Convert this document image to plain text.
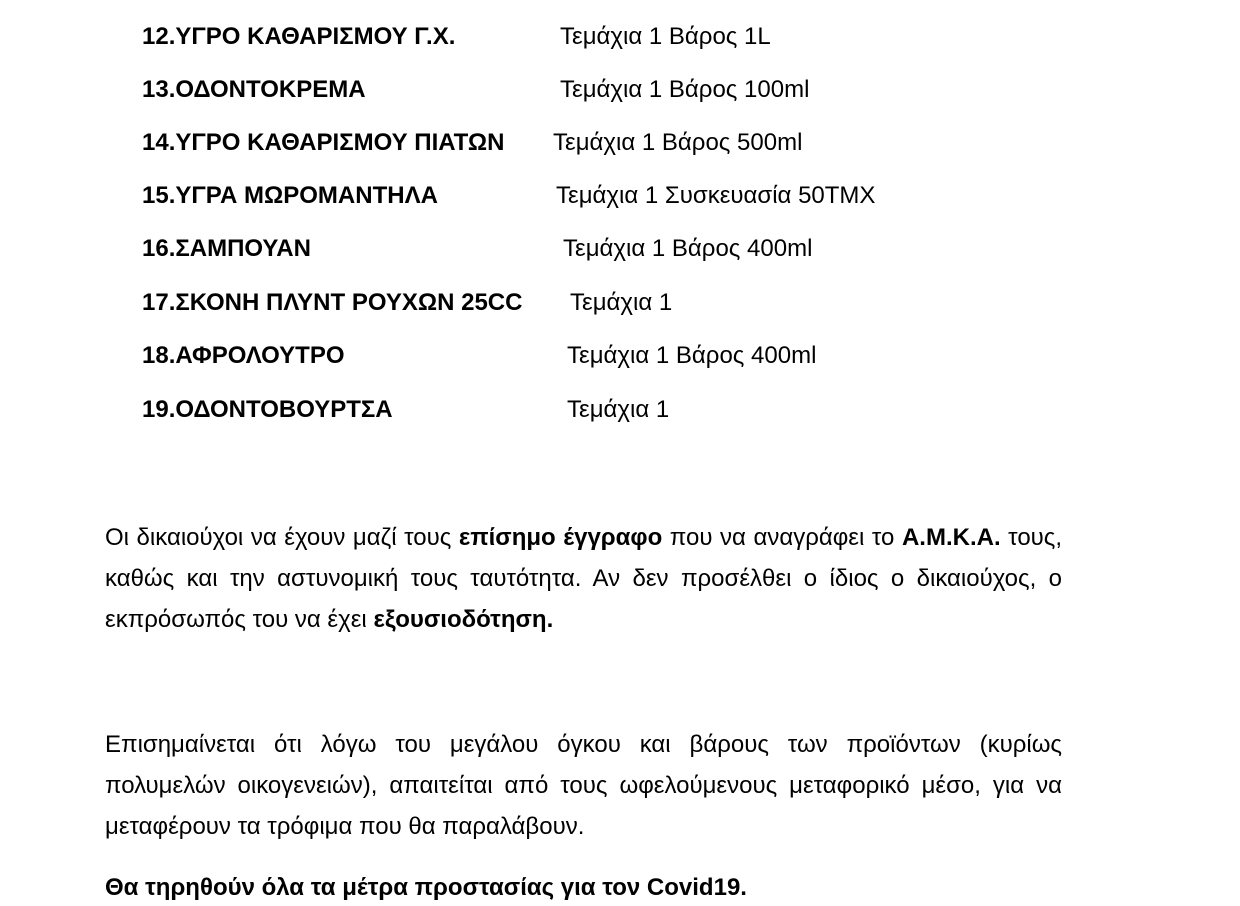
12.ΥΓΡΟ ΚΑΘΑΡΙΣΜΟΥ Γ.Χ.	Τεμάχια 1 Βάρος 1L
13.ΟΔΟΝΤΟΚΡΕΜΑ	Τεμάχια 1 Βάρος 100ml
14.ΥΓΡΟ ΚΑΘΑΡΙΣΜΟΥ ΠΙΑΤΩΝ Τεμάχια 1 Βάρος 500ml
15.ΥΓΡΑ ΜΩΡΟΜΑΝΤΗΛΑ	Τεμάχια 1 Συσκευασία 50ΤΜΧ
16.ΣΑΜΠΟΥΑΝ	Τεμάχια 1 Βάρος 400ml
17.ΣΚΟΝΗ ΠΛΥΝΤ ΡΟΥΧΩΝ 25CC Τεμάχια 1
18.ΑΦΡΟΛΟΥΤΡΟ	Τεμάχια 1 Βάρος 400ml
19.ΟΔΟΝΤΟΒΟΥΡΤΣΑ	Τεμάχια 1

Οι δικαιούχοι να έχουν μαζί τους επίσημο έγγραφο που να αναγράφει το Α.Μ.Κ.Α. τους, καθώς και την αστυνομική τους ταυτότητα. Αν δεν προσέλθει ο ίδιος ο δικαιούχος, ο εκπρόσωπός του να έχει εξουσιοδότηση.

Επισημαίνεται ότι λόγω του μεγάλου όγκου και βάρους των προϊόντων (κυρίως πολυμελών οικογενειών), απαιτείται από τους ωφελούμενους μεταφορικό μέσο, για να μεταφέρουν τα τρόφιμα που θα παραλάβουν.

Θα τηρηθούν όλα τα μέτρα προστασίας για τον Covid19.
